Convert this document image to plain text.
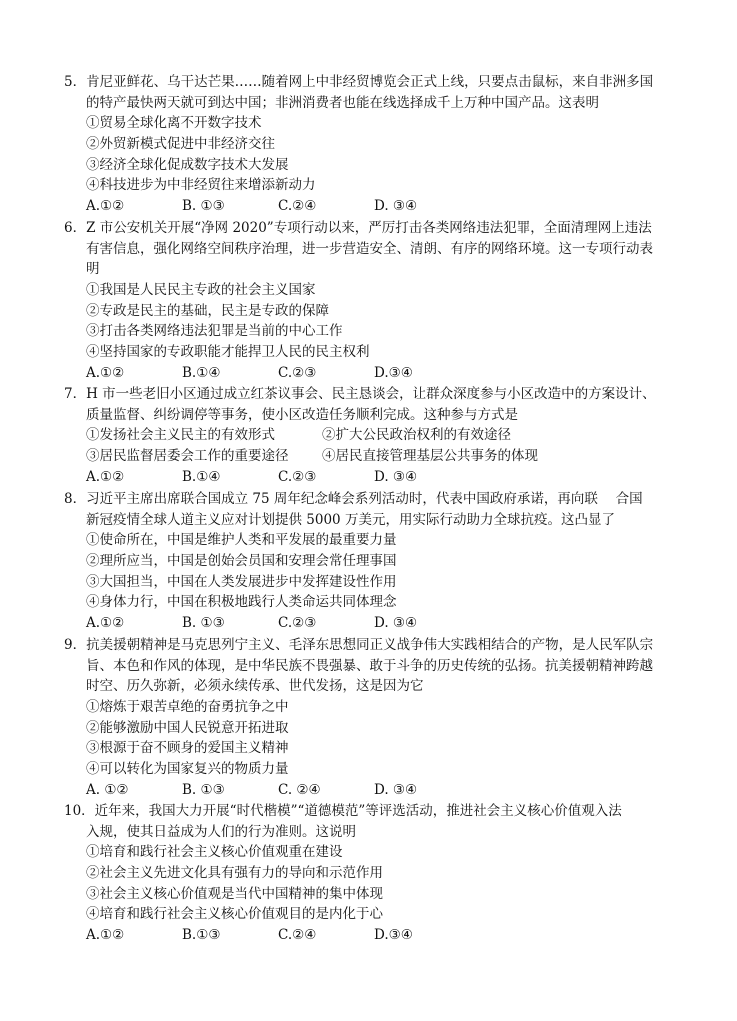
5．肯尼亚鲜花、乌干达芒果……随着网上中非经贸博览会正式上线，只要点击鼠标，来自非洲多国
的特产最快两天就可到达中国；非洲消费者也能在线选择成千上万种中国产品。这表明
①贸易全球化离不开数字技术
②外贸新模式促进中非经济交往
③经济全球化促成数字技术大发展
④科技进步为中非经贸往来增添新动力
A.①②	B. ①③	C.②④	D. ③④
6．Z 市公安机关开展“净网 2020”专项行动以来，严厉打击各类网络违法犯罪，全面清理网上违法
有害信息，强化网络空间秩序治理，进一步营造安全、清朗、有序的网络环境。这一专项行动表
明
①我国是人民民主专政的社会主义国家
②专政是民主的基础，民主是专政的保障
③打击各类网络违法犯罪是当前的中心工作
④坚持国家的专政职能才能捍卫人民的民主权利
A.①②	B.①④	C.②③	D.③④
7．H 市一些老旧小区通过成立红茶议事会、民主恳谈会，让群众深度参与小区改造中的方案设计、
质量监督、纠纷调停等事务，使小区改造任务顺利完成。这种参与方式是
①发扬社会主义民主的有效形式	②扩大公民政治权利的有效途径
③居民监督居委会工作的重要途径 ④居民直接管理基层公共事务的体现
A.①②	B.①④	C.②③	D. ③④
8．习近平主席出席联合国成立 75 周年纪念峰会系列活动时，代表中国政府承诺，再向联　 合国
新冠疫情全球人道主义应对计划提供 5000 万美元，用实际行动助力全球抗疫。这凸显了
①使命所在，中国是维护人类和平发展的最重要力量
②理所应当，中国是创始会员国和安理会常任理事国
③大国担当，中国在人类发展进步中发挥建设性作用
④身体力行，中国在积极地践行人类命运共同体理念
A.①②	B. ①③	C.②③	D. ③④
9．抗美援朝精神是马克思列宁主义、毛泽东思想同正义战争伟大实践相结合的产物，是人民军队宗
旨、本色和作风的体现，是中华民族不畏强暴、敢于斗争的历史传统的弘扬。抗美援朝精神跨越
时空、历久弥新，必须永续传承、世代发扬，这是因为它
①熔炼于艰苦卓绝的奋勇抗争之中
②能够激励中国人民锐意开拓进取
③根源于奋不顾身的爱国主义精神
④可以转化为国家复兴的物质力量
A. ①②	B. ①③	C. ②④	D. ③④
10．近年来，我国大力开展“时代楷模”“道德模范”等评选活动，推进社会主义核心价值观入法
入规，使其日益成为人们的行为准则。这说明
①培育和践行社会主义核心价值观重在建设
②社会主义先进文化具有强有力的导向和示范作用
③社会主义核心价值观是当代中国精神的集中体现
④培育和践行社会主义核心价值观目的是内化于心
A.①②	B.①③	C.②④	D.③④
